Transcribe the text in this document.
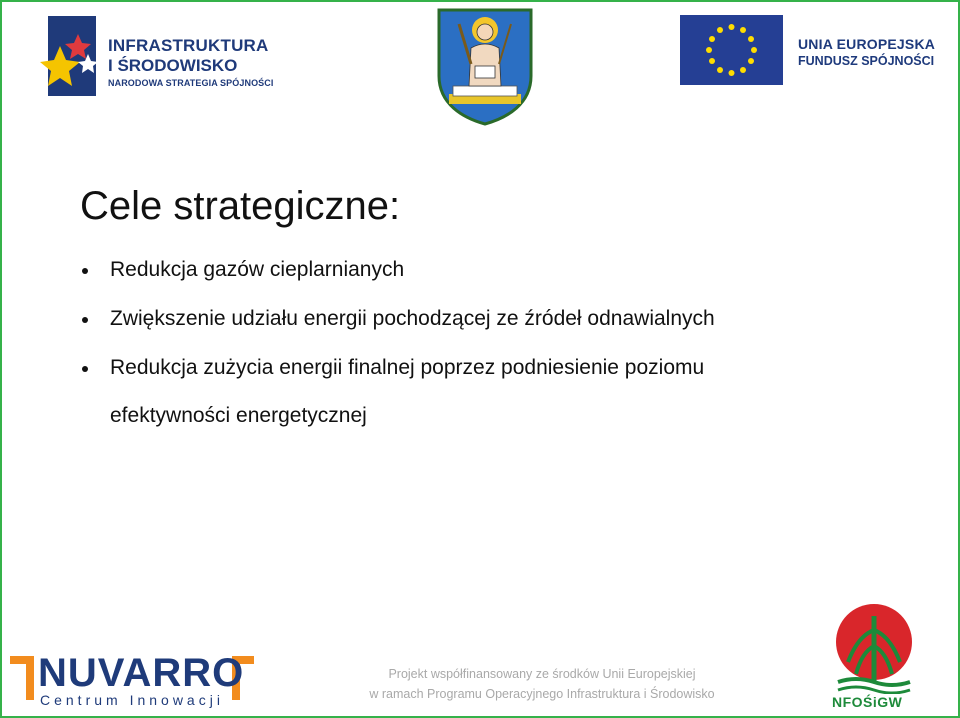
INFRASTRUKTURA
I ŚRODOWISKO
NARODOWA STRATEGIA SPÓJNOŚCI
UNIA EUROPEJSKA
FUNDUSZ SPÓJNOŚCI
Cele strategiczne:
Redukcja gazów cieplarnianych
Zwiększenie udziału energii pochodzącej ze źródeł odnawialnych
Redukcja zużycia energii finalnej poprzez podniesienie poziomu
efektywności energetycznej
NUVARRO
Centrum Innowacji
Projekt współfinansowany ze środków Unii Europejskiej
w ramach Programu Operacyjnego Infrastruktura i Środowisko	NFOŚiGW
